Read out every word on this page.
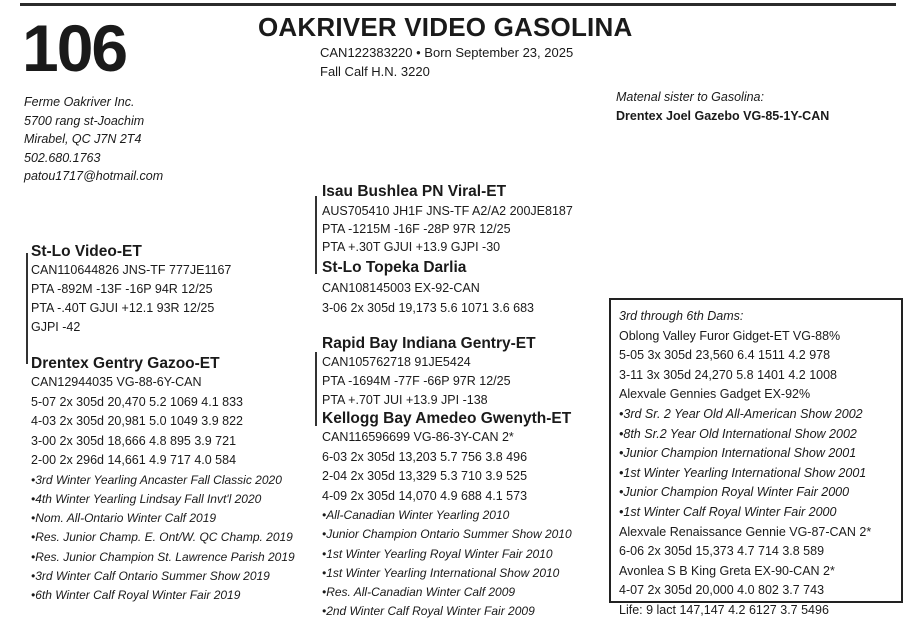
106	OAKRIVER VIDEO GASOLINA
CAN122383220 • Born September 23, 2025
Fall Calf H.N. 3220
Ferme Oakriver Inc.
5700 rang st-Joachim
Mirabel, QC J7N 2T4
502.680.1763
patou1717@hotmail.com
Matenal sister to Gasolina:
Drentex Joel Gazebo VG-85-1Y-CAN
Isau Bushlea PN Viral-ET
AUS705410 JH1F JNS-TF A2/A2 200JE8187
PTA -1215M -16F -28P 97R 12/25
PTA +.30T GJUI +13.9 GJPI -30
St-Lo Topeka Darlia
CAN108145003 EX-92-CAN
3-06 2x 305d 19,173 5.6 1071 3.6 683
St-Lo Video-ET
CAN110644826 JNS-TF 777JE1167
PTA -892M -13F -16P 94R 12/25
PTA -.40T GJUI +12.1 93R 12/25
GJPI -42
Drentex Gentry Gazoo-ET
CAN12944035 VG-88-6Y-CAN
5-07 2x 305d 20,470 5.2 1069 4.1 833
4-03 2x 305d 20,981 5.0 1049 3.9 822
3-00 2x 305d 18,666 4.8 895 3.9 721
2-00 2x 296d 14,661 4.9 717 4.0 584
•3rd Winter Yearling Ancaster Fall Classic 2020
•4th Winter Yearling Lindsay Fall Invt'l 2020
•Nom. All-Ontario Winter Calf 2019
•Res. Junior Champ. E. Ont/W. QC Champ. 2019
•Res. Junior Champion St. Lawrence Parish 2019
•3rd Winter Calf Ontario Summer Show 2019
•6th Winter Calf Royal Winter Fair 2019
Rapid Bay Indiana Gentry-ET
CAN105762718 91JE5424
PTA -1694M -77F -66P 97R 12/25
PTA +.70T JUI +13.9 JPI -138
Kellogg Bay Amedeo Gwenyth-ET
CAN116596699 VG-86-3Y-CAN 2*
6-03 2x 305d 13,203 5.7 756 3.8 496
2-04 2x 305d 13,329 5.3 710 3.9 525
4-09 2x 305d 14,070 4.9 688 4.1 573
•All-Canadian Winter Yearling 2010
•Junior Champion Ontario Summer Show 2010
•1st Winter Yearling Royal Winter Fair 2010
•1st Winter Yearling International Show 2010
•Res. All-Canadian Winter Calf 2009
•2nd Winter Calf Royal Winter Fair 2009
3rd through 6th Dams:
Oblong Valley Furor Gidget-ET VG-88%
5-05 3x 305d 23,560 6.4 1511 4.2 978
3-11 3x 305d 24,270 5.8 1401 4.2 1008
Alexvale Gennies Gadget EX-92%
•3rd Sr. 2 Year Old All-American Show 2002
•8th Sr.2 Year Old International Show 2002
•Junior Champion International Show 2001
•1st Winter Yearling International Show 2001
•Junior Champion Royal Winter Fair 2000
•1st Winter Calf Royal Winter Fair 2000
Alexvale Renaissance Gennie VG-87-CAN 2*
6-06 2x 305d 15,373 4.7 714 3.8 589
Avonlea S B King Greta EX-90-CAN 2*
4-07 2x 305d 20,000 4.0 802 3.7 743
Life: 9 lact 147,147 4.2 6127 3.7 5496
